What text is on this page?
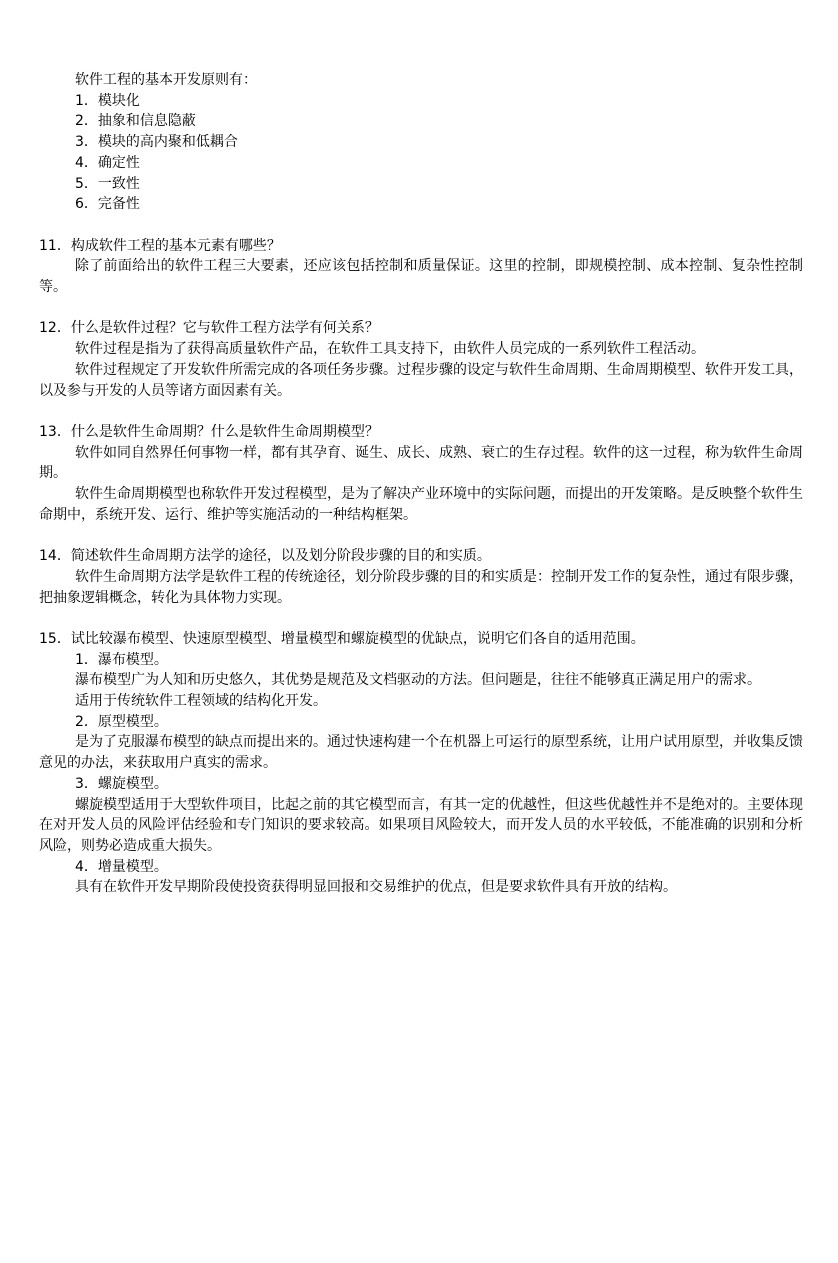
软件工程的基本开发原则有：
1．模块化
2．抽象和信息隐蔽
3．模块的高内聚和低耦合
4．确定性
5．一致性
6．完备性
11．构成软件工程的基本元素有哪些？
除了前面给出的软件工程三大要素，还应该包括控制和质量保证。这里的控制，即规模控制、成本控制、复杂性控制等。
12．什么是软件过程？它与软件工程方法学有何关系？
软件过程是指为了获得高质量软件产品，在软件工具支持下，由软件人员完成的一系列软件工程活动。
软件过程规定了开发软件所需完成的各项任务步骤。过程步骤的设定与软件生命周期、生命周期模型、软件开发工具，以及参与开发的人员等诸方面因素有关。
13．什么是软件生命周期？什么是软件生命周期模型？
软件如同自然界任何事物一样，都有其孕育、诞生、成长、成熟、衰亡的生存过程。软件的这一过程，称为软件生命周期。
软件生命周期模型也称软件开发过程模型，是为了解决产业环境中的实际问题，而提出的开发策略。是反映整个软件生命期中，系统开发、运行、维护等实施活动的一种结构框架。
14．简述软件生命周期方法学的途径，以及划分阶段步骤的目的和实质。
软件生命周期方法学是软件工程的传统途径，划分阶段步骤的目的和实质是：控制开发工作的复杂性，通过有限步骤，把抽象逻辑概念，转化为具体物力实现。
15．试比较瀑布模型、快速原型模型、增量模型和螺旋模型的优缺点，说明它们各自的适用范围。
1．瀑布模型。
瀑布模型广为人知和历史悠久，其优势是规范及文档驱动的方法。但问题是，往往不能够真正满足用户的需求。
适用于传统软件工程领域的结构化开发。
2．原型模型。
是为了克服瀑布模型的缺点而提出来的。通过快速构建一个在机器上可运行的原型系统，让用户试用原型，并收集反馈意见的办法，来获取用户真实的需求。
3．螺旋模型。
螺旋模型适用于大型软件项目，比起之前的其它模型而言，有其一定的优越性，但这些优越性并不是绝对的。主要体现在对开发人员的风险评估经验和专门知识的要求较高。如果项目风险较大，而开发人员的水平较低，不能准确的识别和分析风险，则势必造成重大损失。
4．增量模型。
具有在软件开发早期阶段使投资获得明显回报和交易维护的优点，但是要求软件具有开放的结构。
